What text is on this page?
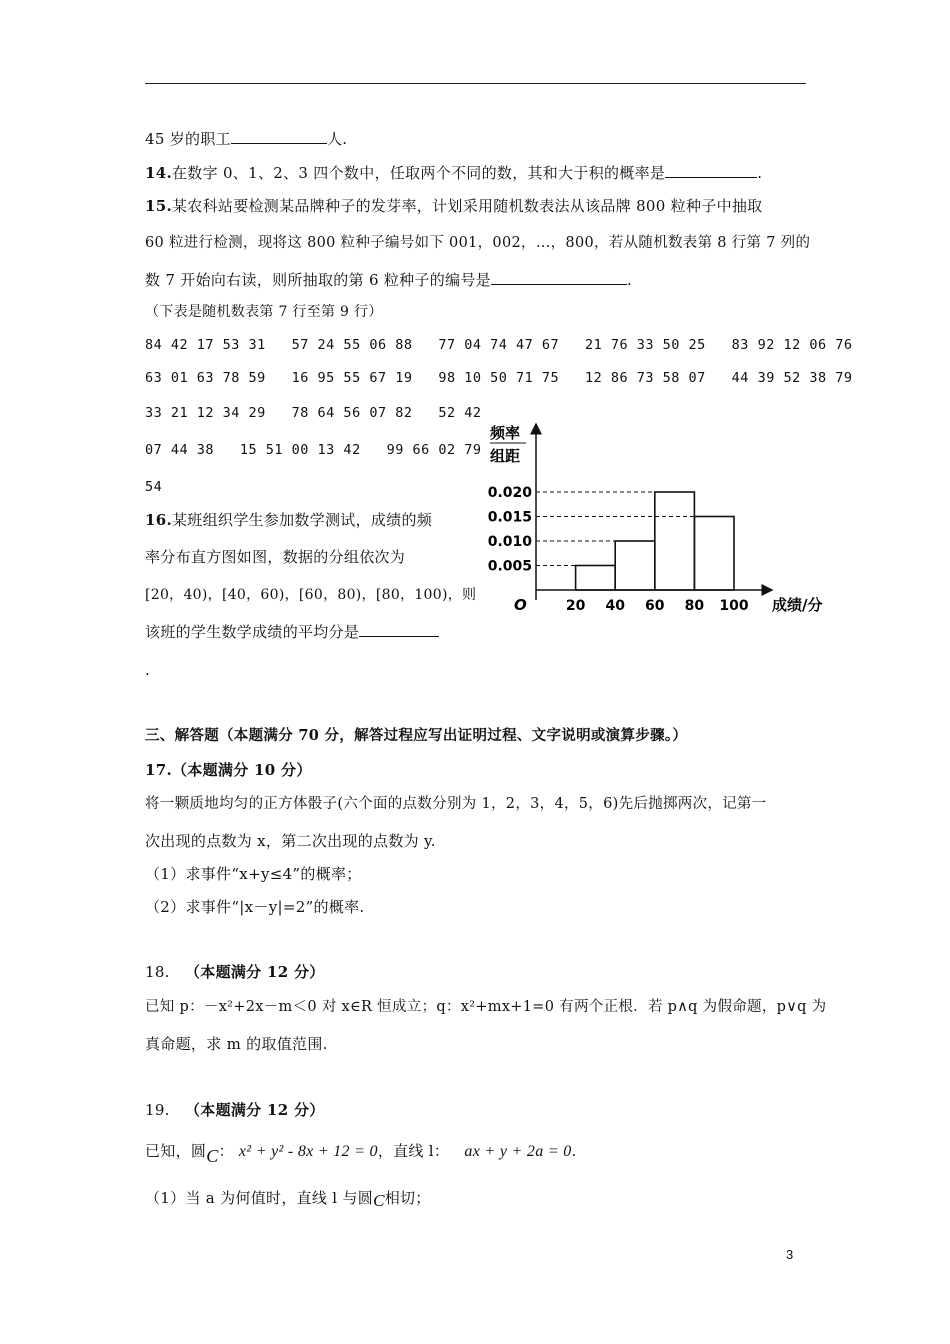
45 岁的职工	人.
14.在数字 0、1、2、3 四个数中，任取两个不同的数，其和大于积的概率是	.
15.某农科站要检测某品牌种子的发芽率，计划采用随机数表法从该品牌 800 粒种子中抽取
60 粒进行检测，现将这 800 粒种子编号如下 001，002，…，800，若从随机数表第 8 行第 7 列的
数 7 开始向右读，则所抽取的第 6 粒种子的编号是	.
（下表是随机数表第 7 行至第 9 行）
84 42 17 53 31   57 24 55 06 88   77 04 74 47 67   21 76 33 50 25   83 92 12 06 76
63 01 63 78 59   16 95 55 67 19   98 10 50 71 75   12 86 73 58 07   44 39 52 38 79
33 21 12 34 29   78 64 56 07 82   52 42
07 44 38   15 51 00 13 42   99 66 02 79
54
16.某班组织学生参加数学测试，成绩的频
率分布直方图如图，数据的分组依次为
[20，40)，[40，60)，[60，80)，[80，100)，则
该班的学生数学成绩的平均分是
.
频率
组距
O
0.020
0.015
0.010
0.005
20 40 60 80 100 成绩/分
三、解答题（本题满分 70 分，解答过程应写出证明过程、文字说明或演算步骤。）
17.（本题满分 10 分）
将一颗质地均匀的正方体骰子(六个面的点数分别为 1，2，3，4，5，6)先后抛掷两次，记第一
次出现的点数为 x，第二次出现的点数为 y.
（1）求事件“x+y≤4”的概率；
（2）求事件“|x－y|=2”的概率.
18. （本题满分 12 分）
已知 p：－x²+2x－m＜0 对 x∈R 恒成立；q：x²+mx+1=0 有两个正根．若 p∧q 为假命题，p∨q 为
真命题，求 m 的取值范围.
19. （本题满分 12 分）
已知，圆C： x² + y² - 8x + 12 = 0，直线 l： ax + y + 2a = 0.
（1）当 a 为何值时，直线 l 与圆C相切；
3
